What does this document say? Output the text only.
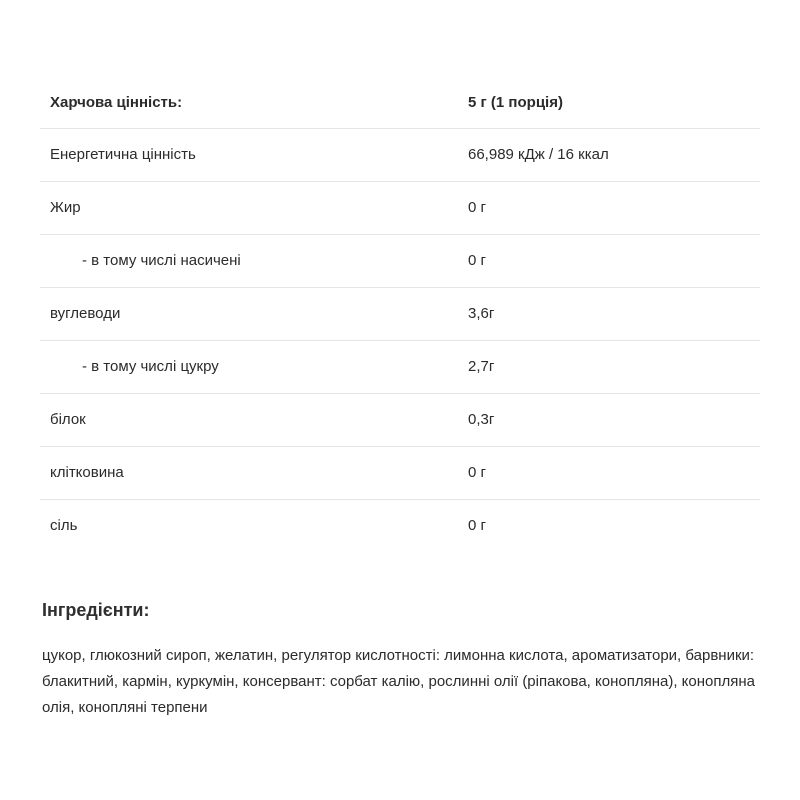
Харчова цінність:	5 г (1 порція)
Енергетична цінність	66,989 кДж / 16 ккал
Жир	0 г
- в тому числі насичені	0 г
вуглеводи	3,6г
- в тому числі цукру	2,7г
білок	0,3г
клітковина	0 г
сіль	0 г
Інгредієнти:

цукор, глюкозний сироп, желатин, регулятор кислотності: лимонна кислота, ароматизатори, барвники: блакитний, кармін, куркумін, консервант: сорбат калію, рослинні олії (ріпакова, конопляна), конопляна олія, конопляні терпени
